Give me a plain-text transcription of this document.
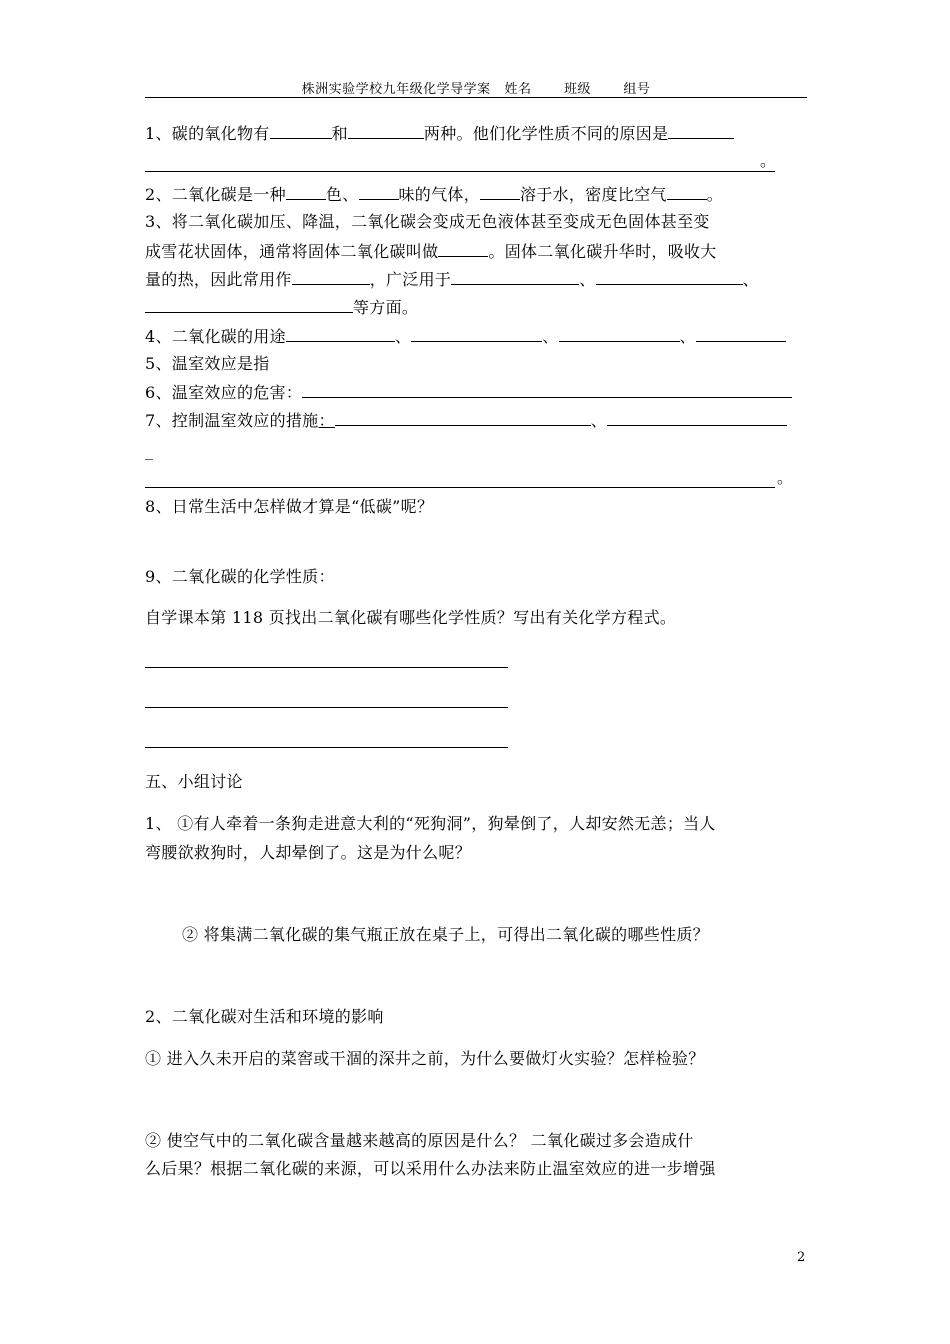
株洲实验学校九年级化学导学案 姓名 班级 组号
1、碳的氧化物有	和	两种。他们化学性质不同的原因是
。
2、二氧化碳是一种	色、	味的气体，	溶于水，密度比空气	。
3、将二氧化碳加压、降温，二氧化碳会变成无色液体甚至变成无色固体甚至变
成雪花状固体，通常将固体二氧化碳叫做	。固体二氧化碳升华时，吸收大
量的热，因此常用作	，广泛用于	、	、
等方面。
4、二氧化碳的用途	、	、	、
5、温室效应是指
6、温室效应的危害：
7、控制温室效应的措施：	、
_
。
8、日常生活中怎样做才算是“低碳”呢？
9、二氧化碳的化学性质：
自学课本第 118 页找出二氧化碳有哪些化学性质？写出有关化学方程式。
五、小组讨论
1、 ①有人牵着一条狗走进意大利的“死狗洞”，狗晕倒了，人却安然无恙；当人
弯腰欲救狗时，人却晕倒了。这是为什么呢？
② 将集满二氧化碳的集气瓶正放在桌子上，可得出二氧化碳的哪些性质？
2、二氧化碳对生活和环境的影响
① 进入久未开启的菜窖或干涸的深井之前，为什么要做灯火实验？怎样检验？
② 使空气中的二氧化碳含量越来越高的原因是什么？ 二氧化碳过多会造成什
么后果？根据二氧化碳的来源，可以采用什么办法来防止温室效应的进一步增强
2
